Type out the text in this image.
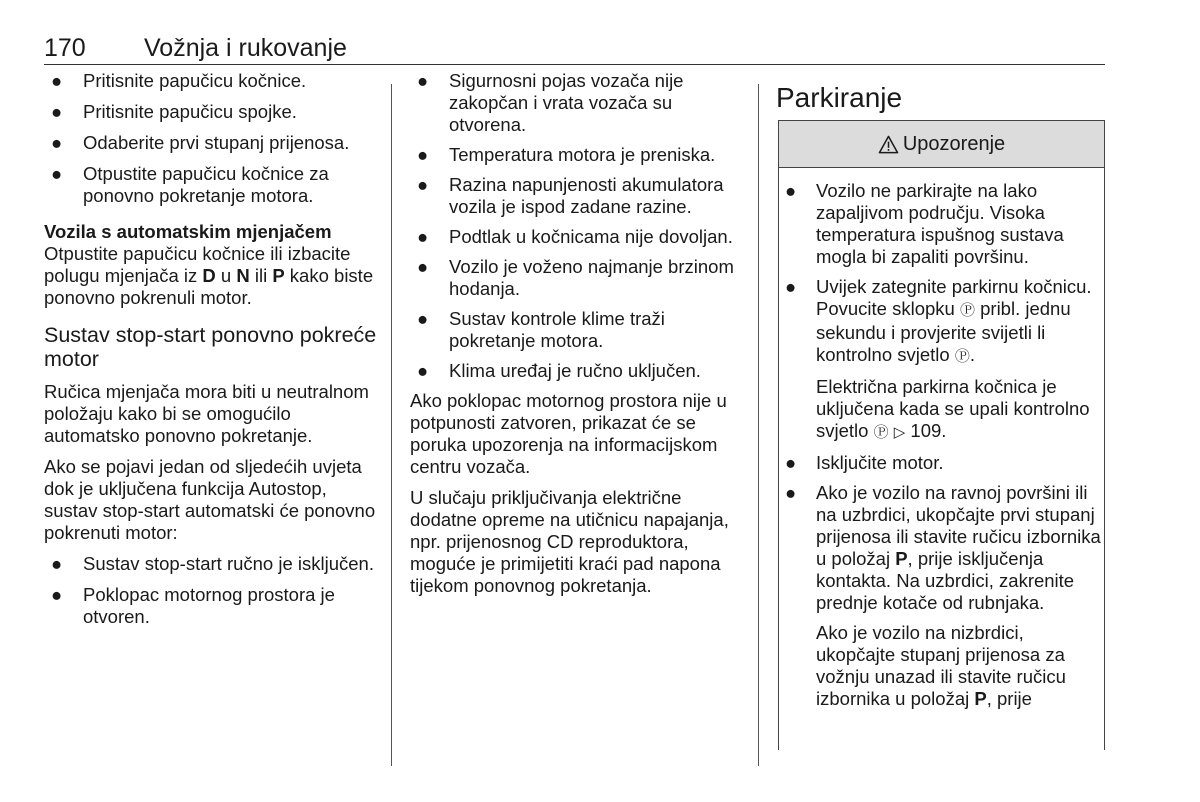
170 Vožnja i rukovanje
● Pritisnite papučicu kočnice.
● Pritisnite papučicu spojke.
● Odaberite prvi stupanj prijenosa.
● Otpustite papučicu kočnice za ponovno pokretanje motora.
Vozila s automatskim mjenjačem

Otpustite papučicu kočnice ili izbacite polugu mjenjača iz D u N ili P kako biste ponovno pokrenuli motor.

Sustav stop-start ponovno pokreće motor

Ručica mjenjača mora biti u neutralnom položaju kako bi se omogućilo automatsko ponovno pokretanje.

Ako se pojavi jedan od sljedećih uvjeta dok je uključena funkcija Autostop, sustav stop-start automatski će ponovno pokrenuti motor:

● Sustav stop-start ručno je isključen.
● Poklopac motornog prostora je otvoren.
● Sigurnosni pojas vozača nije zakopčan i vrata vozača su otvorena.
● Temperatura motora je preniska.
● Razina napunjenosti akumulatora vozila je ispod zadane razine.
● Podtlak u kočnicama nije dovoljan.
● Vozilo je voženo najmanje brzinom hodanja.
● Sustav kontrole klime traži pokretanje motora.
● Klima uređaj je ručno uključen.

Ako poklopac motornog prostora nije u potpunosti zatvoren, prikazat će se poruka upozorenja na informacijskom centru vozača.

U slučaju priključivanja električne dodatne opreme na utičnicu napajanja, npr. prijenosnog CD reproduktora, moguće je primijetiti kraći pad napona tijekom ponovnog pokretanja.

Parkiranje
Upozorenje
● Vozilo ne parkirajte na lako zapaljivom području. Visoka temperatura ispušnog sustava mogla bi zapaliti površinu.
● Uvijek zategnite parkirnu kočnicu. Povucite sklopku Ⓟ pribl. jednu sekundu i provjerite svijetli li kontrolno svjetlo Ⓟ.

Električna parkirna kočnica je uključena kada se upali kontrolno svjetlo Ⓟ ▷ 109.

● Isključite motor.
● Ako je vozilo na ravnoj površini ili na uzbrdici, ukopčajte prvi stupanj prijenosa ili stavite ručicu izbornika u položaj P, prije isključenja kontakta. Na uzbrdici, zakrenite prednje kotače od rubnjaka.

Ako je vozilo na nizbrdici, ukopčajte stupanj prijenosa za vožnju unazad ili stavite ručicu izbornika u položaj P, prije
